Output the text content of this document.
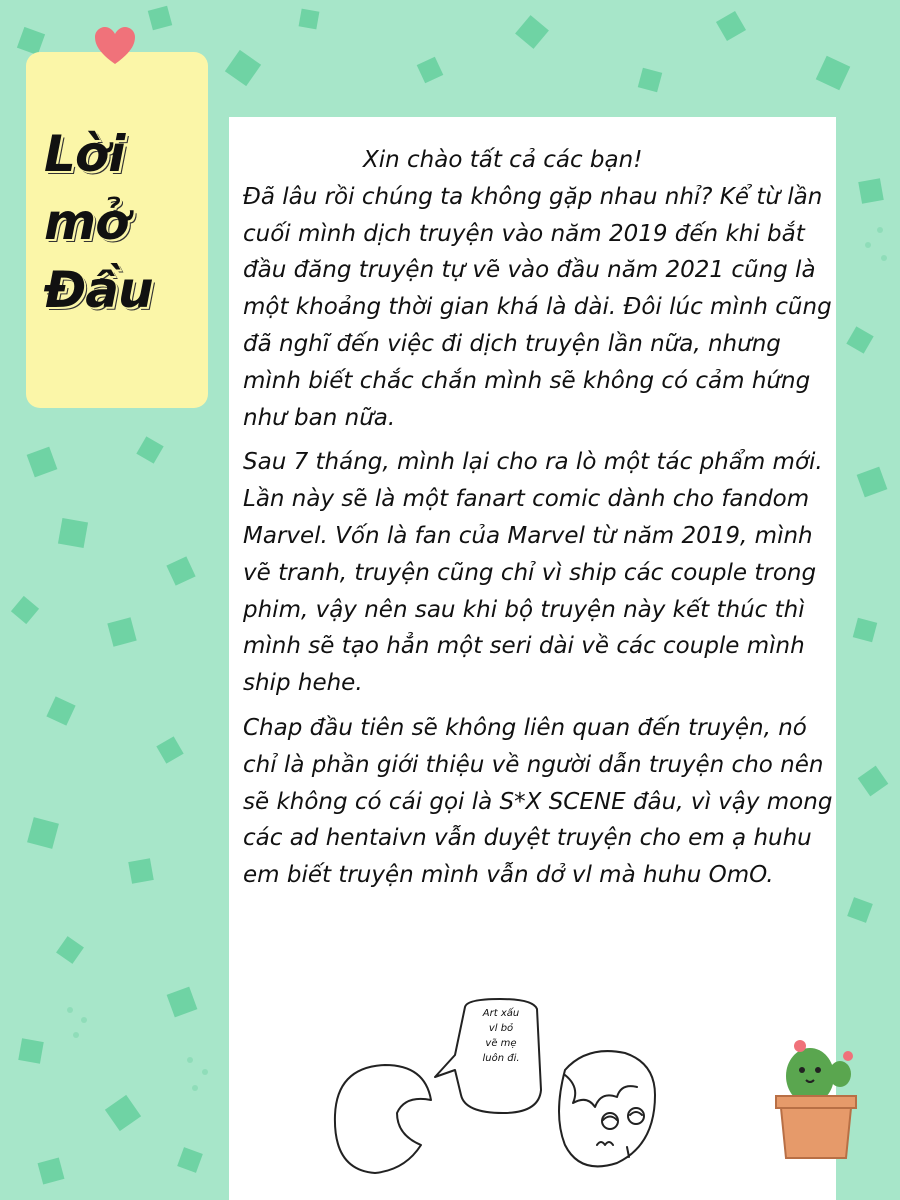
Lời
mở
Đầu

Xin chào tất cả các bạn!

Đã lâu rồi chúng ta không gặp nhau nhỉ? Kể từ lần cuối mình dịch truyện vào năm 2019 đến khi bắt đầu đăng truyện tự vẽ vào đầu năm 2021 cũng là một khoảng thời gian khá là dài. Đôi lúc mình cũng đã nghĩ đến việc đi dịch truyện lần nữa, nhưng mình biết chắc chắn mình sẽ không có cảm hứng như ban nữa.

Sau 7 tháng, mình lại cho ra lò một tác phẩm mới. Lần này sẽ là một fanart comic dành cho fandom Marvel. Vốn là fan của Marvel từ năm 2019, mình vẽ tranh, truyện cũng chỉ vì ship các couple trong phim, vậy nên sau khi bộ truyện này kết thúc thì mình sẽ tạo hẳn một seri dài về các couple mình ship hehe.

Chap đầu tiên sẽ không liên quan đến truyện, nó chỉ là phần giới thiệu về người dẫn truyện cho nên sẽ không có cái gọi là S*X SCENE đâu, vì vậy mong các ad hentaivn vẫn duyệt truyện cho em ạ huhu em biết truyện mình vẫn dở vl mà huhu OmO.

Art xấu
vl bỏ
vẽ mẹ
luôn đi.
